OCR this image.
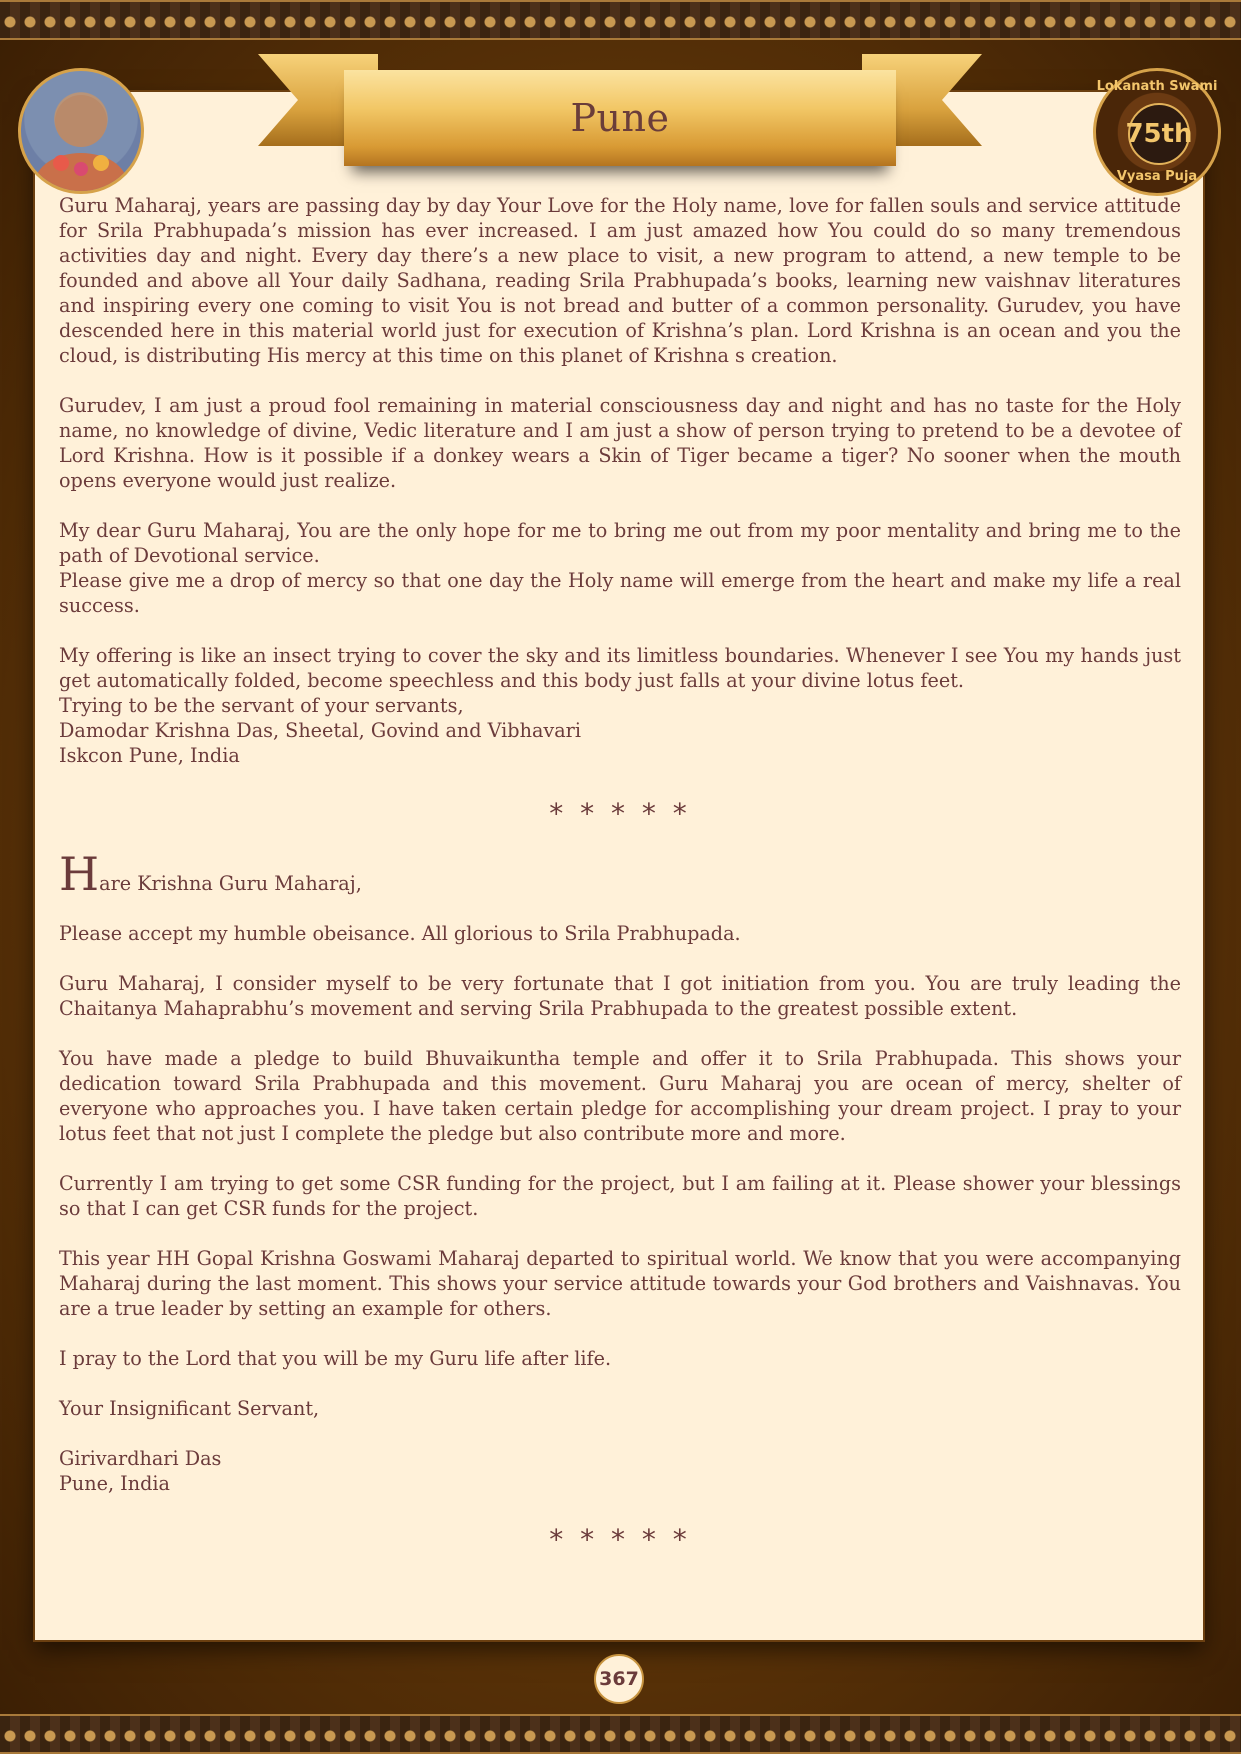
Lokanath Swami
75th
Vyasa Puja
Pune

Guru Maharaj, years are passing day by day Your Love for the Holy name, love for fallen souls and service attitude for Srila Prabhupada’s mission has ever increased. I am just amazed how You could do so many tremendous activities day and night. Every day there’s a new place to visit, a new program to attend, a new temple to be founded and above all Your daily Sadhana, reading Srila Prabhupada’s books, learning new vaishnav literatures and inspiring every one coming to visit You is not bread and butter of a common personality. Gurudev, you have descended here in this material world just for execution of Krishna’s plan. Lord Krishna is an ocean and you the cloud, is distributing His mercy at this time on this planet of Krishna s creation.

Gurudev, I am just a proud fool remaining in material consciousness day and night and has no taste for the Holy name, no knowledge of divine, Vedic literature and I am just a show of person trying to pretend to be a devotee of Lord Krishna. How is it possible if a donkey wears a Skin of Tiger became a tiger? No sooner when the mouth opens everyone would just realize.

My dear Guru Maharaj, You are the only hope for me to bring me out from my poor mentality and bring me to the path of Devotional service.

Please give me a drop of mercy so that one day the Holy name will emerge from the heart and make my life a real success.

My offering is like an insect trying to cover the sky and its limitless boundaries. Whenever I see You my hands just get automatically folded, become speechless and this body just falls at your divine lotus feet.

Trying to be the servant of your servants,
Damodar Krishna Das, Sheetal, Govind and Vibhavari
Iskcon Pune, India
* * * * *
Hare Krishna Guru Maharaj,

Please accept my humble obeisance. All glorious to Srila Prabhupada.

Guru Maharaj, I consider myself to be very fortunate that I got initiation from you. You are truly leading the Chaitanya Mahaprabhu’s movement and serving Srila Prabhupada to the greatest possible extent.

You have made a pledge to build Bhuvaikuntha temple and offer it to Srila Prabhupada. This shows your dedication toward Srila Prabhupada and this movement. Guru Maharaj you are ocean of mercy, shelter of everyone who approaches you. I have taken certain pledge for accomplishing your dream project. I pray to your lotus feet that not just I complete the pledge but also contribute more and more.

Currently I am trying to get some CSR funding for the project, but I am failing at it. Please shower your blessings so that I can get CSR funds for the project.

This year HH Gopal Krishna Goswami Maharaj departed to spiritual world. We know that you were accompanying Maharaj during the last moment. This shows your service attitude towards your God brothers and Vaishnavas. You are a true leader by setting an example for others.

I pray to the Lord that you will be my Guru life after life.

Your Insignificant Servant,

Girivardhari Das
Pune, India
* * * * *
367
